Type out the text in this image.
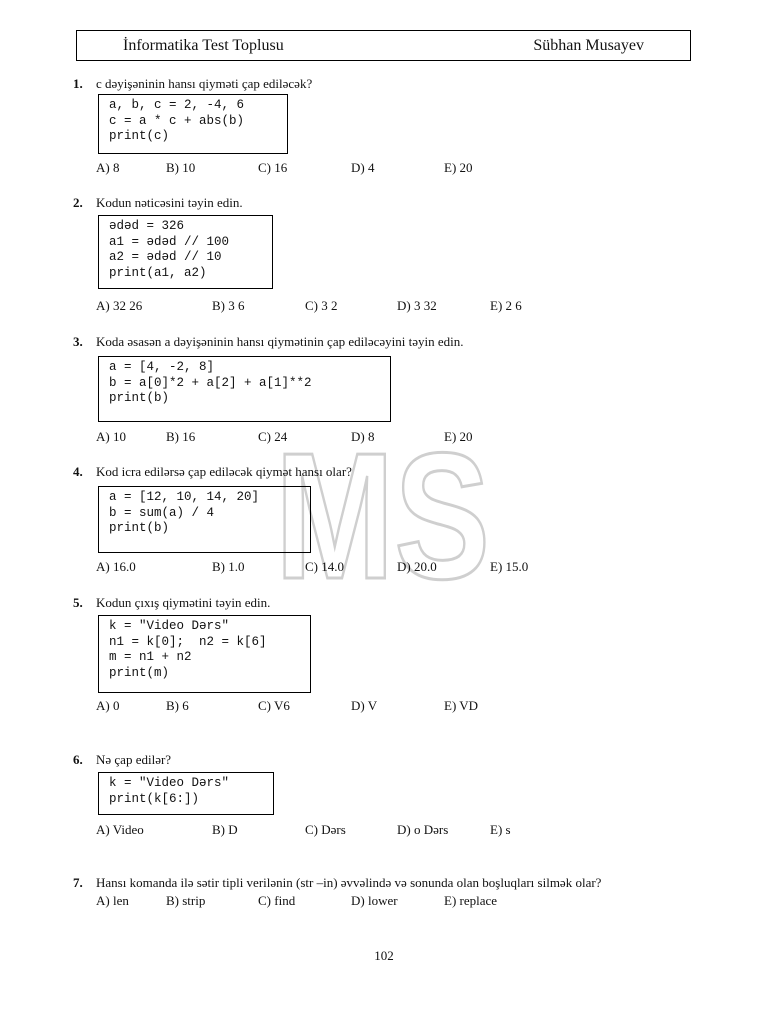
İnformatika Test Toplusu	Sübhan Musayev
MS
1. c dəyişəninin hansı qiyməti çap ediləcək?
a, b, c = 2, -4, 6
c = a * c + abs(b)
print(c)
A) 8	B) 10	C) 16	D) 4	E) 20
2. Kodun nəticəsini təyin edin.
ədəd = 326
a1 = ədəd // 100
a2 = ədəd // 10
print(a1, a2)
A) 32 26	B) 3 6	C) 3 2	D) 3 32	E) 2 6
3. Koda əsasən a dəyişəninin hansı qiymətinin çap ediləcəyini təyin edin.
a = [4, -2, 8]
b = a[0]*2 + a[2] + a[1]**2
print(b)
A) 10	B) 16	C) 24	D) 8	E) 20
4. Kod icra edilərsə çap ediləcək qiymət hansı olar?
a = [12, 10, 14, 20]
b = sum(a) / 4
print(b)
A) 16.0	B) 1.0	C) 14.0	D) 20.0	E) 15.0
5. Kodun çıxış qiymətini təyin edin.
k = "Video Dərs"
n1 = k[0];  n2 = k[6]
m = n1 + n2
print(m)
A) 0	B) 6	C) V6	D) V	E) VD
6. Nə çap edilər?
k = "Video Dərs"
print(k[6:])
A) Video	B) D	C) Dərs	D) o Dərs	E) s
7. Hansı komanda ilə sətir tipli verilənin (str –in) əvvəlində və sonunda olan boşluqları silmək olar?
A) len	B) strip	C) find	D) lower	E) replace
102
